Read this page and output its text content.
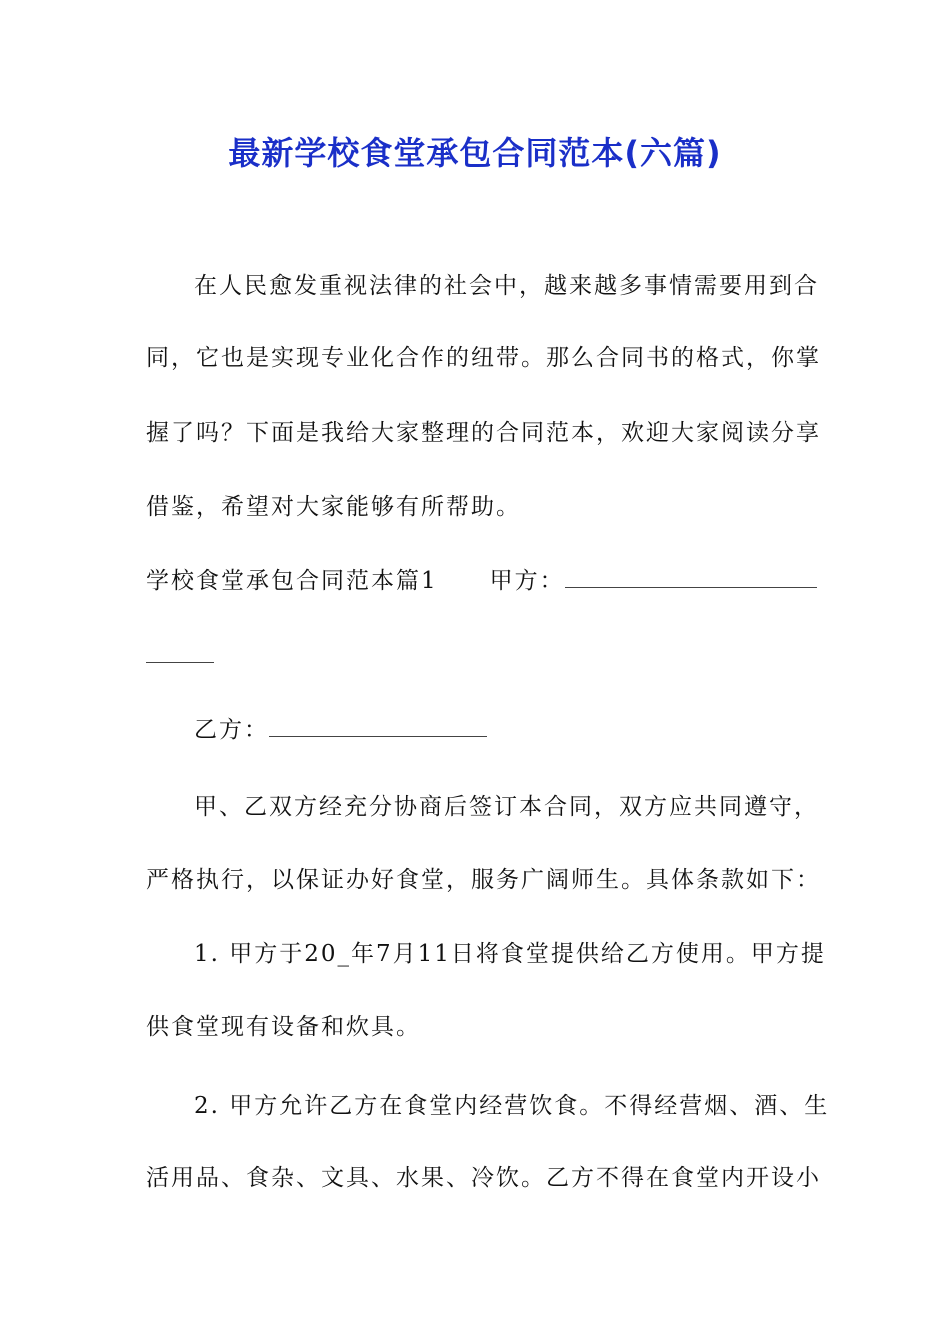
最新学校食堂承包合同范本(六篇)
在人民愈发重视法律的社会中，越来越多事情需要用到合
同，它也是实现专业化合作的纽带。那么合同书的格式，你掌
握了吗？下面是我给大家整理的合同范本，欢迎大家阅读分享
借鉴，希望对大家能够有所帮助。
学校食堂承包合同范本篇1 甲方：
乙方：
甲、乙双方经充分协商后签订本合同，双方应共同遵守，
严格执行，以保证办好食堂，服务广阔师生。具体条款如下：
1. 甲方于20_年7月11日将食堂提供给乙方使用。甲方提
供食堂现有设备和炊具。
2. 甲方允许乙方在食堂内经营饮食。不得经营烟、酒、生
活用品、食杂、文具、水果、冷饮。乙方不得在食堂内开设小
